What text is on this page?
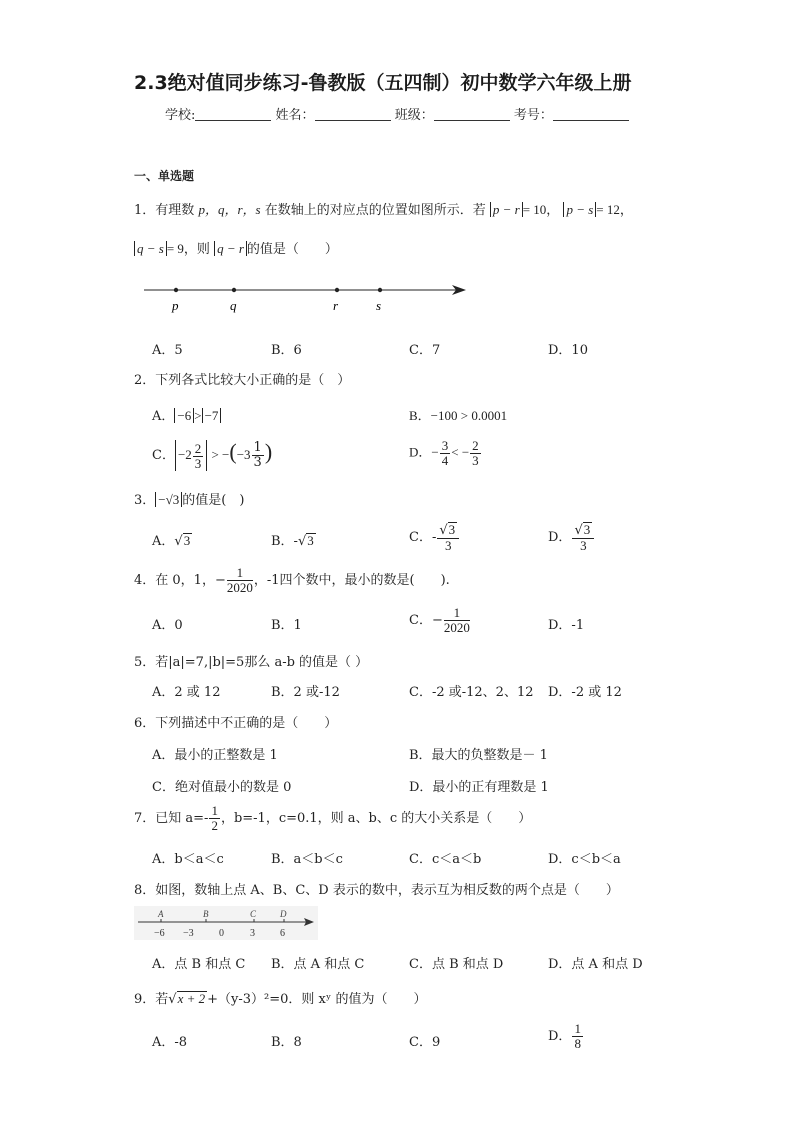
2.3绝对值同步练习-鲁教版（五四制）初中数学六年级上册
学校:	姓名：	班级：	考号：
一、单选题
1．有理数 p，q，r，s 在数轴上的对应点的位置如图所示．若 p − r = 10， p − s = 12，
q − s = 9，则 q − r 的值是（　　）
p	q	r	s
A．5	B．6	C．7	D．10
2．下列各式比较大小正确的是（　）
A． −6 > −7	B．−100 > 0.0001
C． $-2 \frac{2}{3} > -(-3 \frac{1}{3}$ )	D．− $\frac{3}{4}$ < − $\frac{2}{3}$
3． −√3 的值是(　)
A．√3	B．-√3	C．- $\frac{√3}{3}$	D． $\frac{√3}{3}$
4．在 0，1，− $\frac{1}{2020}$ ，-1四个数中，最小的数是(　　).
A．0	B．1	C．− $\frac{1}{2020}$	D．-1
5．若|a|=7,|b|=5那么 a-b 的值是（ ）
A．2 或 12	B．2 或-12	C．-2 或-12、2、12 D．-2 或 12
6．下列描述中不正确的是（　　）
A．最小的正整数是 1	B．最大的负整数是－ 1
C．绝对值最小的数是 0	D．最小的正有理数是 1
7．已知 $a=- \frac{1}{2}$ ，b=-1，c=0.1，则 a、b、c 的大小关系是（　　）
A．b＜a＜c	B．a＜b＜c	C．c＜a＜b	D．c＜b＜a
8．如图，数轴上点 A、B、C、D 表示的数中，表示互为相反数的两个点是（　　）
A	B	C	D
−6 −3	0	3	6
A．点 B 和点 C B．点 A 和点 C	C．点 B 和点 D	D．点 A 和点 D
9．若√x + 2 +（y-3）²=0．则 xʸ 的值为（　　）
A．-8	B．8	C．9	D． $\frac{1}{8}$
